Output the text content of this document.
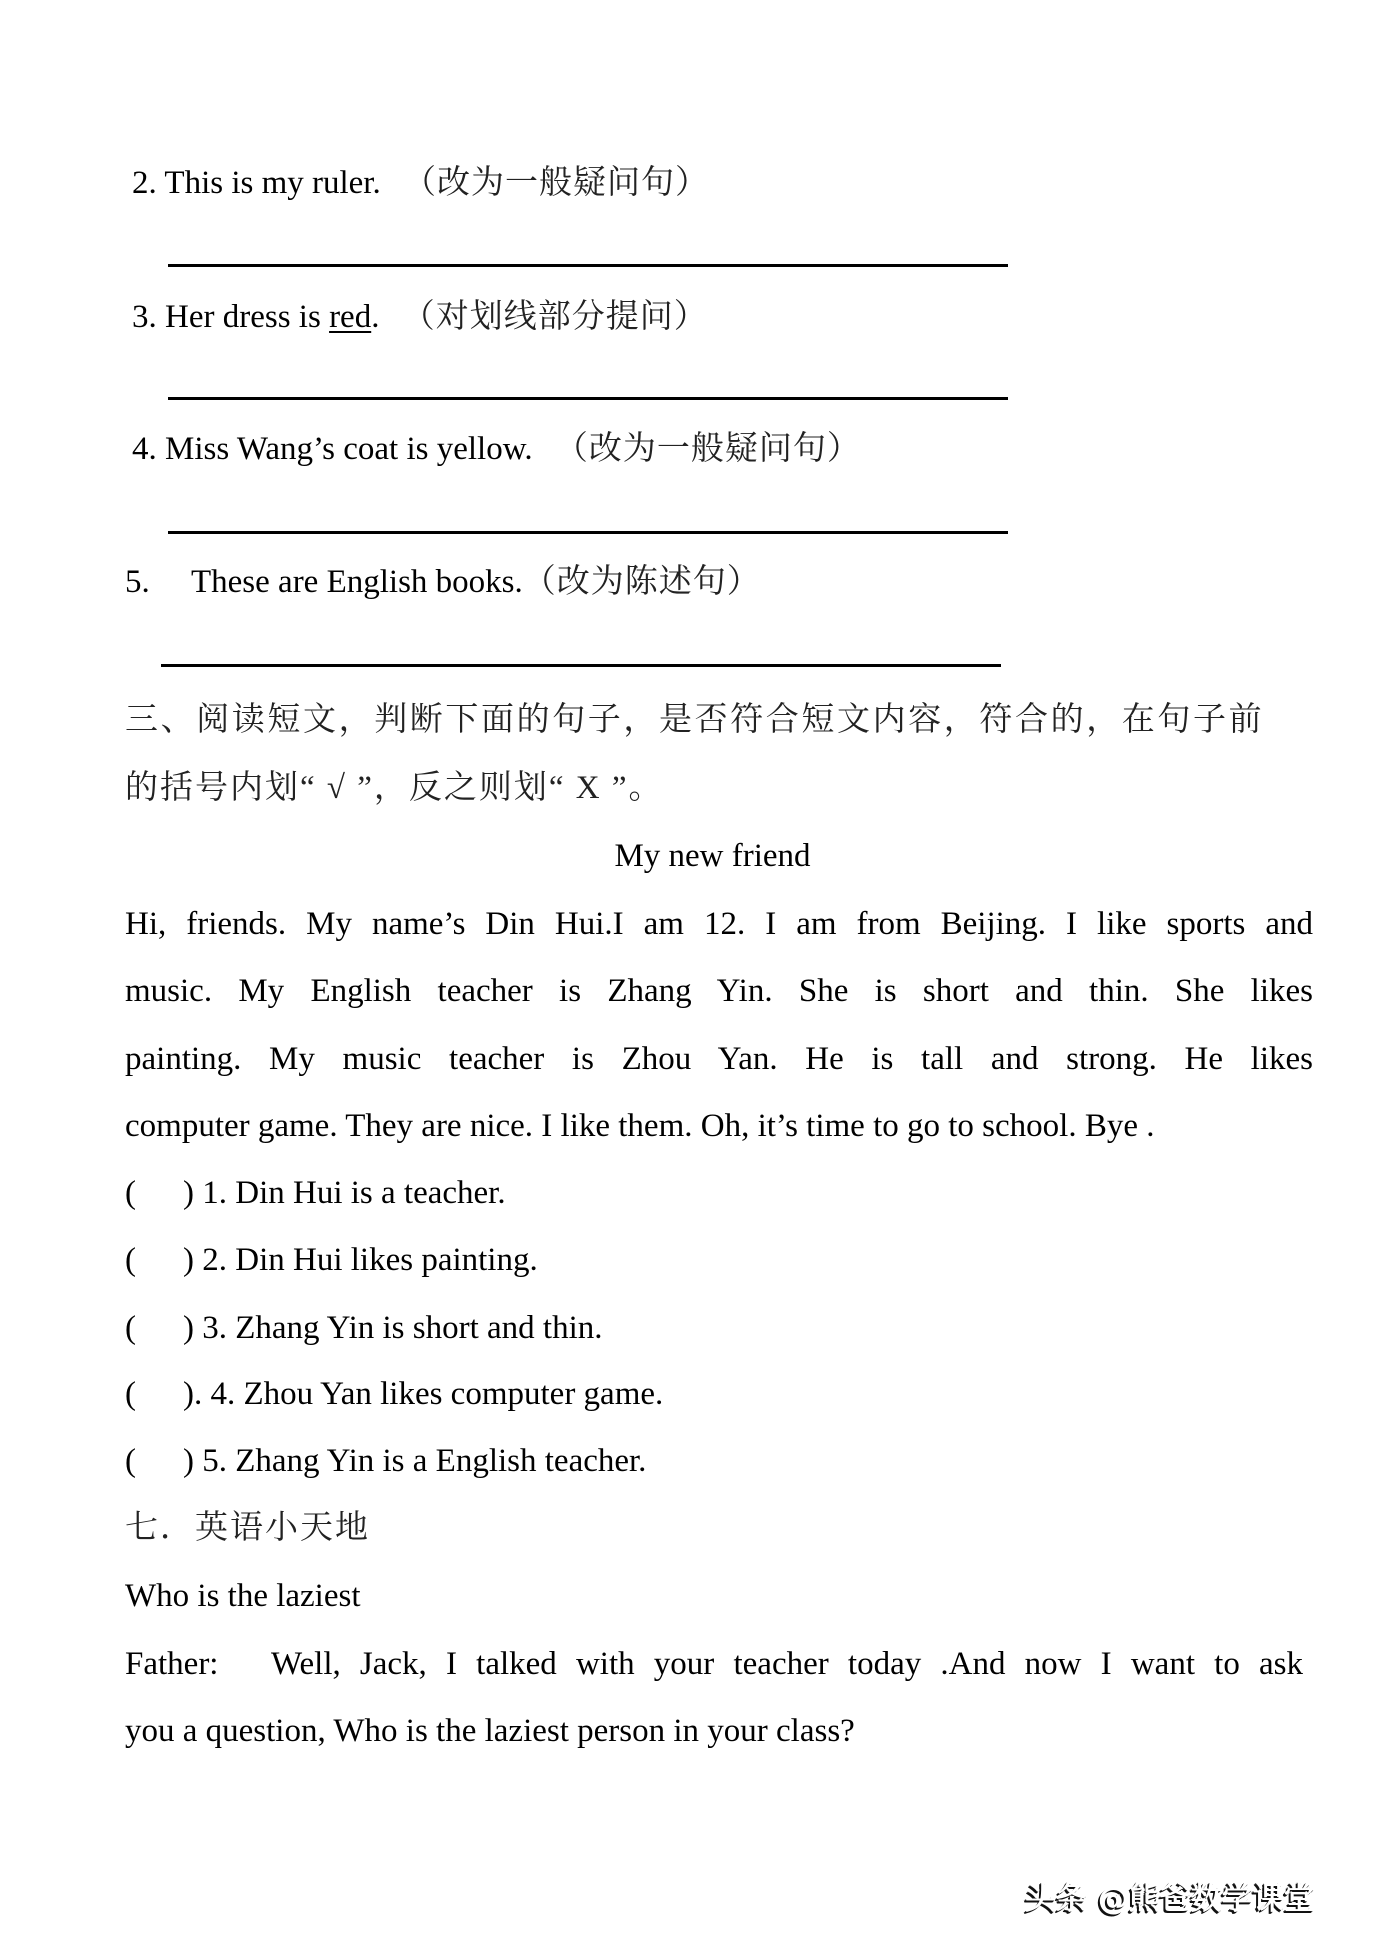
2. This is my ruler. （改为一般疑问句）
3. Her dress is red. （对划线部分提问）
4. Miss Wang’s coat is yellow. （改为一般疑问句）
5. These are English books.（改为陈述句）
三、阅读短文，判断下面的句子，是否符合短文内容，符合的，在句子前
的括号内划“ √ ”，反之则划“ X ”。
My new friend
Hi, friends. My name’s Din Hui.I am 12. I am from Beijing. I like sports and
music. My English teacher is Zhang Yin. She is short and thin. She likes
painting. My music teacher is Zhou Yan. He is tall and strong. He likes
computer game. They are nice. I like them. Oh, it’s time to go to school. Bye .
( ) 1. Din Hui is a teacher.
( ) 2. Din Hui likes painting.
( ) 3. Zhang Yin is short and thin.
( ). 4. Zhou Yan likes computer game.
( ) 5. Zhang Yin is a English teacher.
七．英语小天地
Who is the laziest
Father:	Well, Jack, I talked with your teacher today .And now I want to ask
you a question, Who is the laziest person in your class?
头条 @熊爸数学课堂
